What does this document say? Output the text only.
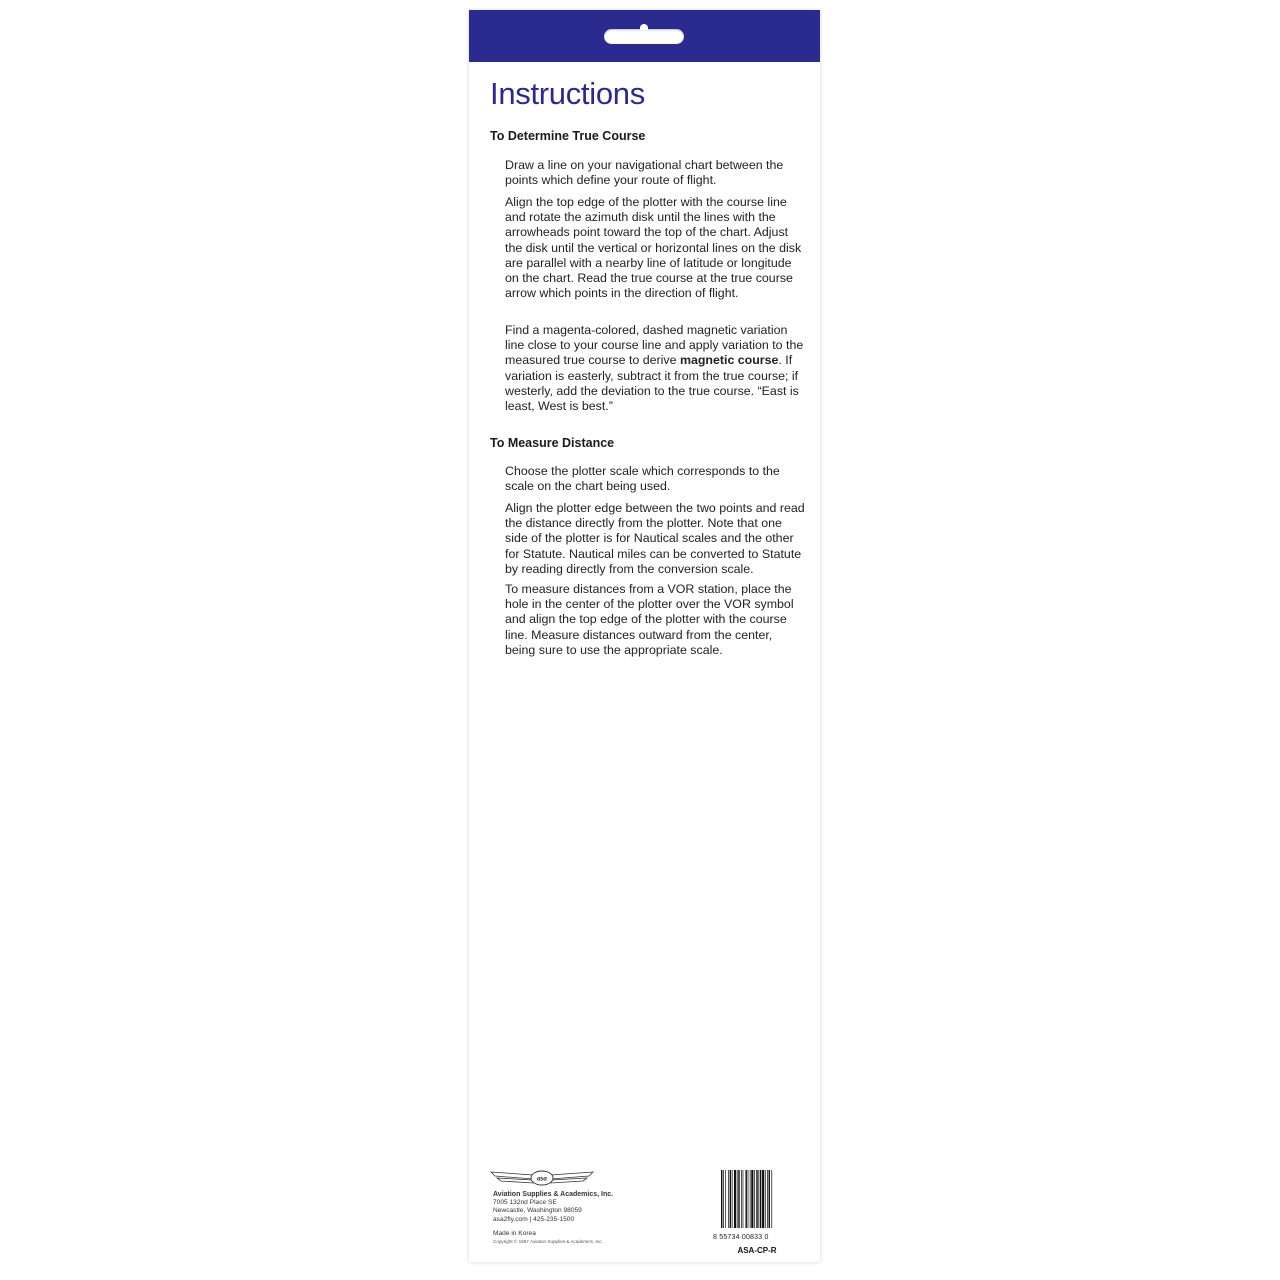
Instructions
To Determine True Course

Draw a line on your navigational chart between the points which define your route of flight.

Align the top edge of the plotter with the course line and rotate the azimuth disk until the lines with the arrowheads point toward the top of the chart. Adjust the disk until the vertical or horizontal lines on the disk are parallel with a nearby line of latitude or longitude on the chart. Read the true course at the true course arrow which points in the direction of flight.

Find a magenta-colored, dashed magnetic variation line close to your course line and apply variation to the measured true course to derive magnetic course. If variation is easterly, subtract it from the true course; if westerly, add the deviation to the true course. “East is least, West is best.”

To Measure Distance

Choose the plotter scale which corresponds to the scale on the chart being used.

Align the plotter edge between the two points and read the distance directly from the plotter. Note that one side of the plotter is for Nautical scales and the other for Statute. Nautical miles can be converted to Statute by reading directly from the conversion scale.

To measure distances from a VOR station, place the hole in the center of the plotter over the VOR symbol and align the top edge of the plotter with the course line. Measure distances outward from the center, being sure to use the appropriate scale.

asa
Aviation Supplies & Academics, Inc.
7005 132nd Place SE
Newcastle, Washington 98059
asa2fly.com | 425-235-1500
Made in Korea
Copyright © 1987 Aviation Supplies & Academics, Inc.
8 55734 00833 0
ASA-CP-R
